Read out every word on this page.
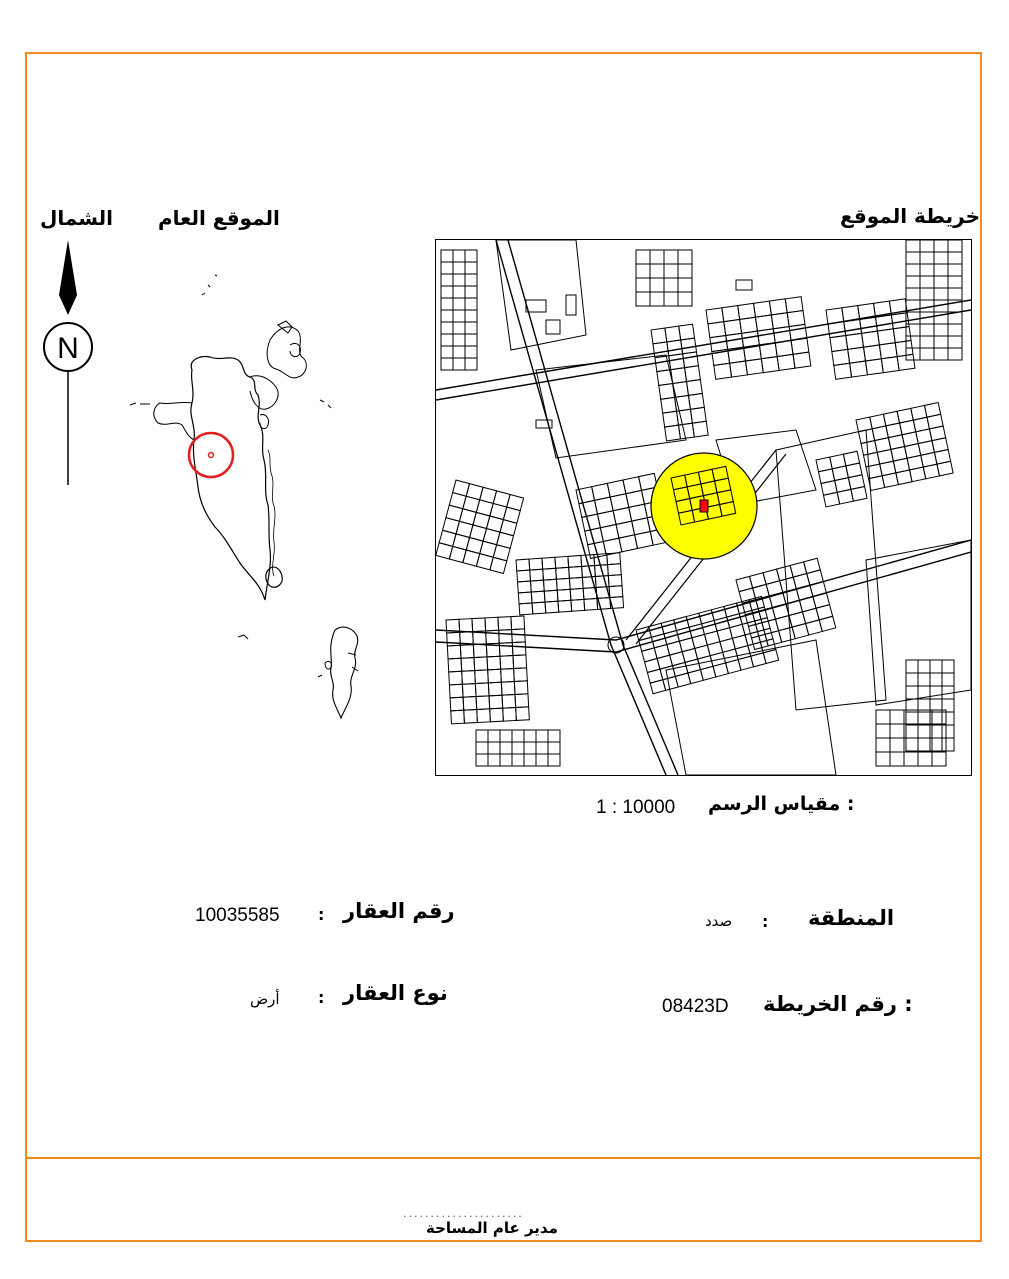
خريطة الموقع
الموقع العام
الشمال
N
مقياس الرسم :
1 : 10000
رقم العقار
:
10035585
نوع العقار
:
أرض
المنطقة
:
صدد
رقم الخريطة :
08423D
......................
مدير عام المساحة
